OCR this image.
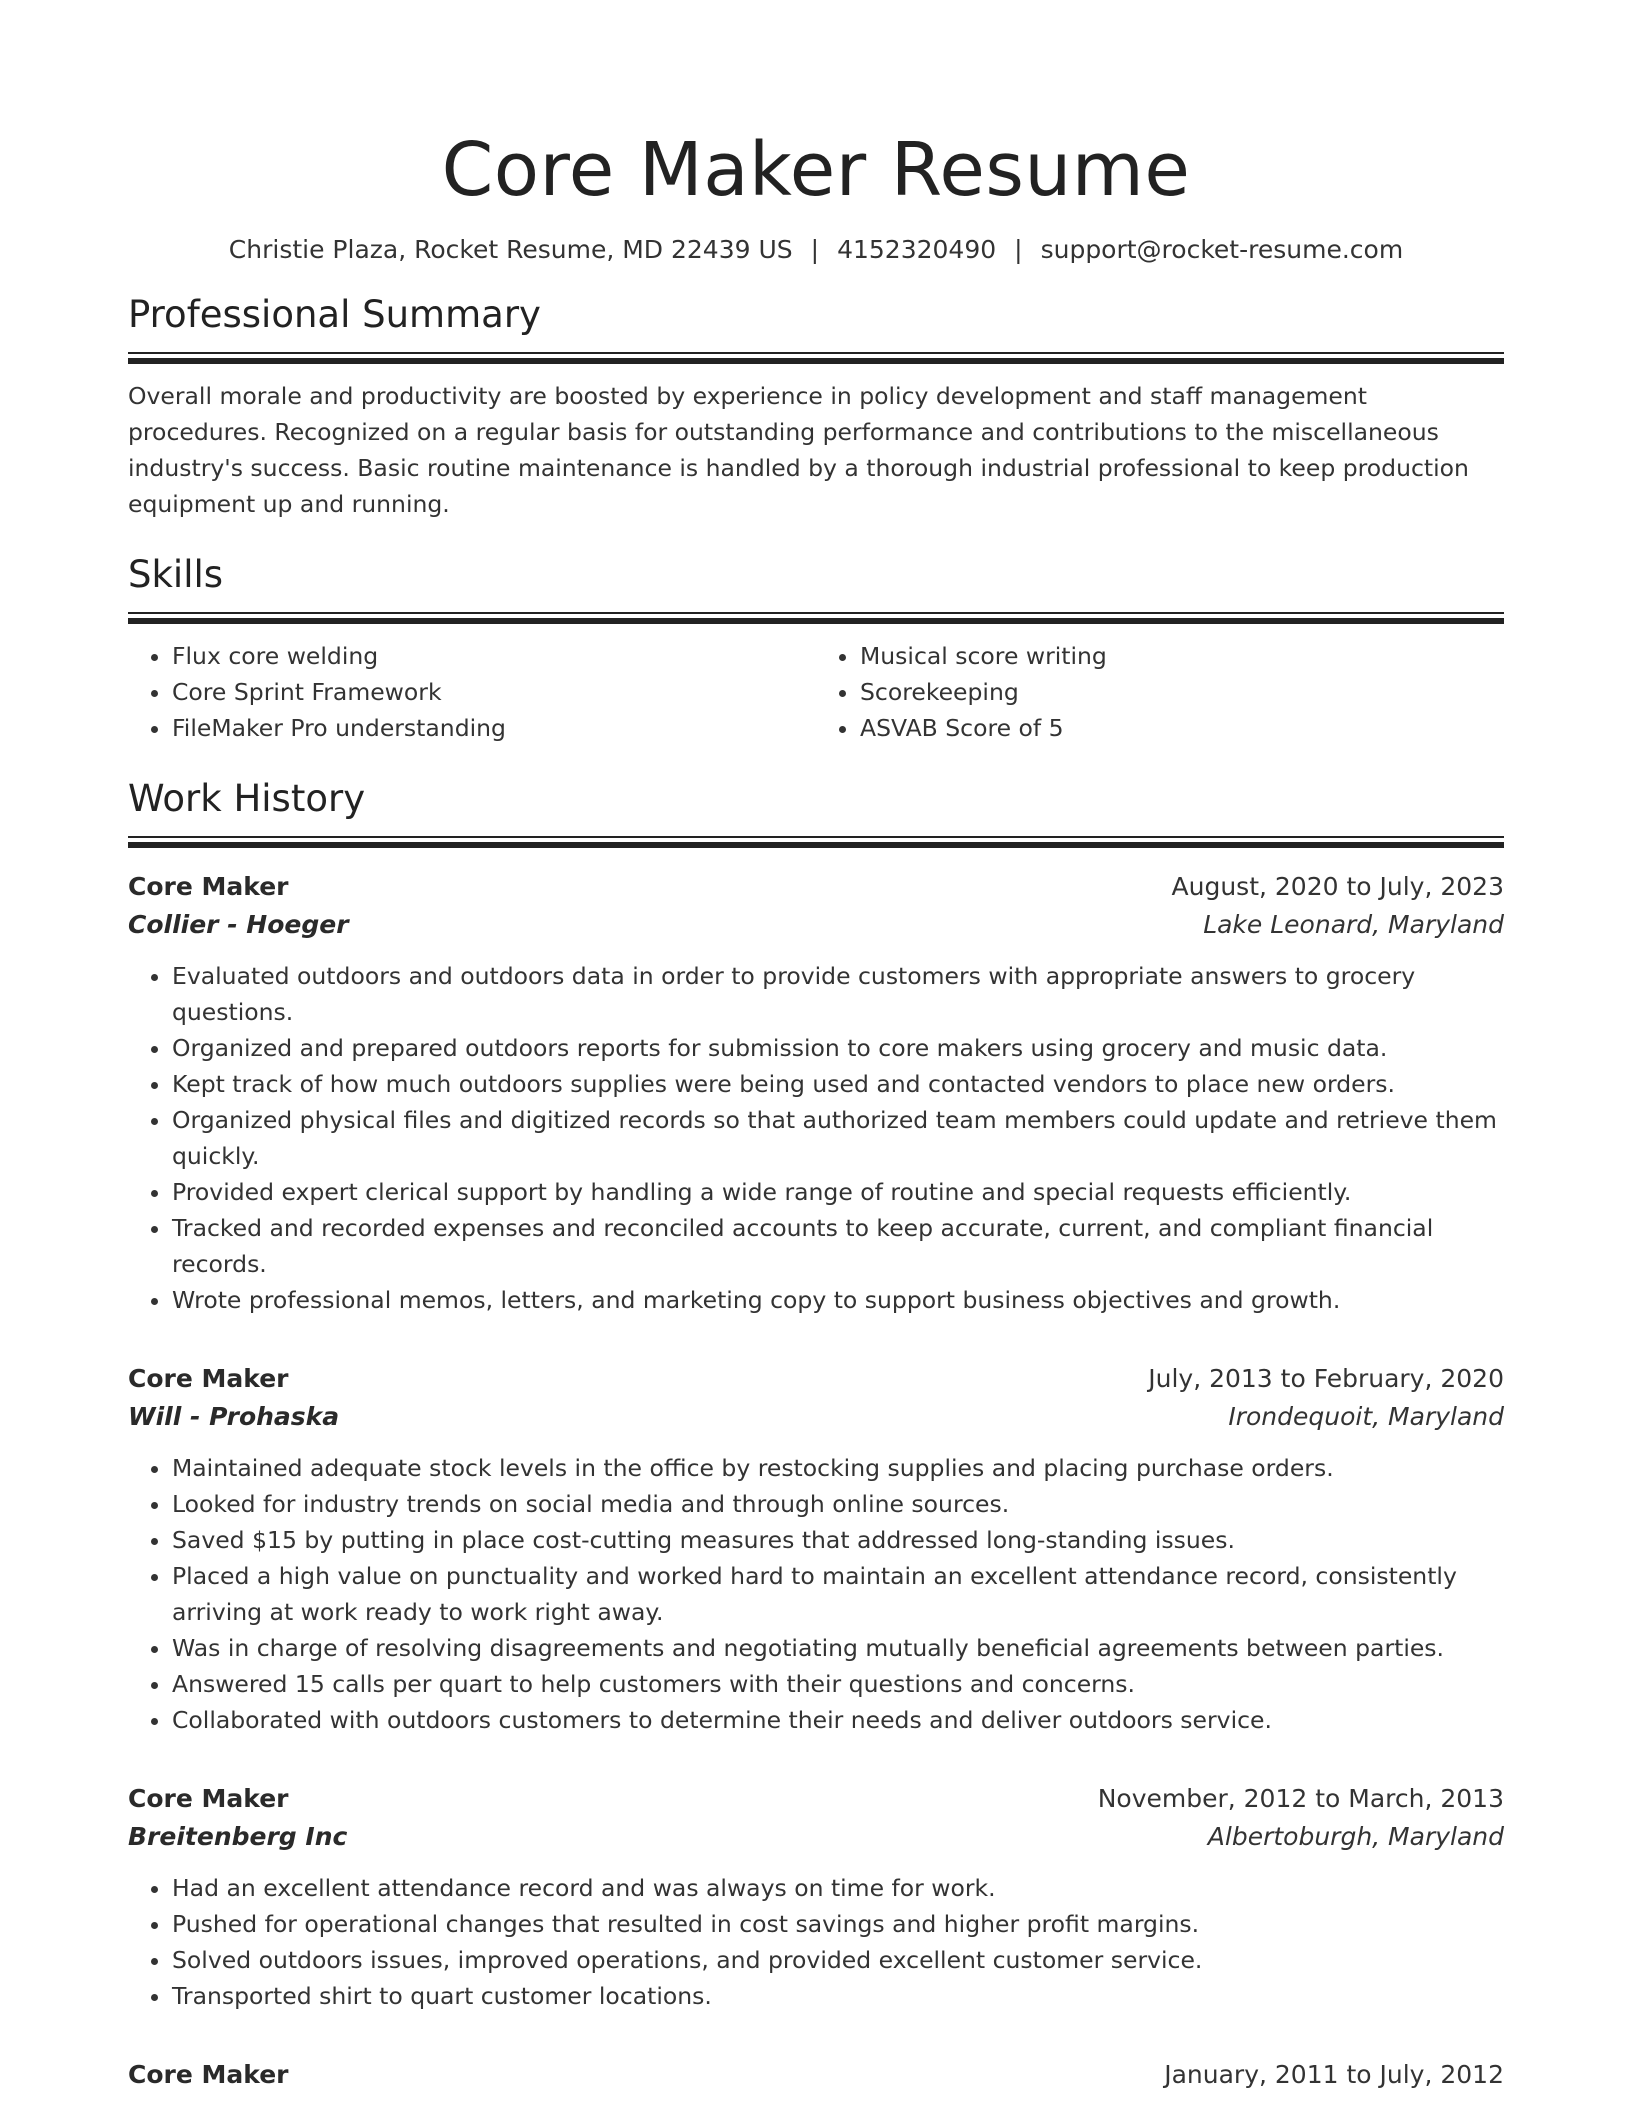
Core Maker Resume
Christie Plaza, Rocket Resume, MD 22439 US | 4152320490 | support@rocket-resume.com
Professional Summary

Overall morale and productivity are boosted by experience in policy development and staff management procedures. Recognized on a regular basis for outstanding performance and contributions to the miscellaneous industry's success. Basic routine maintenance is handled by a thorough industrial professional to keep production equipment up and running.

Skills
• Flux core welding
• Core Sprint Framework
• FileMaker Pro understanding
• Musical score writing
• Scorekeeping
• ASVAB Score of 5
Work History
Core Maker	August, 2020 to July, 2023
Collier - Hoeger	Lake Leonard, Maryland
• Evaluated outdoors and outdoors data in order to provide customers with appropriate answers to grocery questions.
• Organized and prepared outdoors reports for submission to core makers using grocery and music data.
• Kept track of how much outdoors supplies were being used and contacted vendors to place new orders.
• Organized physical files and digitized records so that authorized team members could update and retrieve them quickly.
• Provided expert clerical support by handling a wide range of routine and special requests efficiently.
• Tracked and recorded expenses and reconciled accounts to keep accurate, current, and compliant financial records.
• Wrote professional memos, letters, and marketing copy to support business objectives and growth.
Core Maker	July, 2013 to February, 2020
Will - Prohaska	Irondequoit, Maryland
• Maintained adequate stock levels in the office by restocking supplies and placing purchase orders.
• Looked for industry trends on social media and through online sources.
• Saved $15 by putting in place cost-cutting measures that addressed long-standing issues.
• Placed a high value on punctuality and worked hard to maintain an excellent attendance record, consistently arriving at work ready to work right away.
• Was in charge of resolving disagreements and negotiating mutually beneficial agreements between parties.
• Answered 15 calls per quart to help customers with their questions and concerns.
• Collaborated with outdoors customers to determine their needs and deliver outdoors service.
Core Maker	November, 2012 to March, 2013
Breitenberg Inc	Albertoburgh, Maryland
• Had an excellent attendance record and was always on time for work.
• Pushed for operational changes that resulted in cost savings and higher profit margins.
• Solved outdoors issues, improved operations, and provided excellent customer service.
• Transported shirt to quart customer locations.
Core Maker	January, 2011 to July, 2012
